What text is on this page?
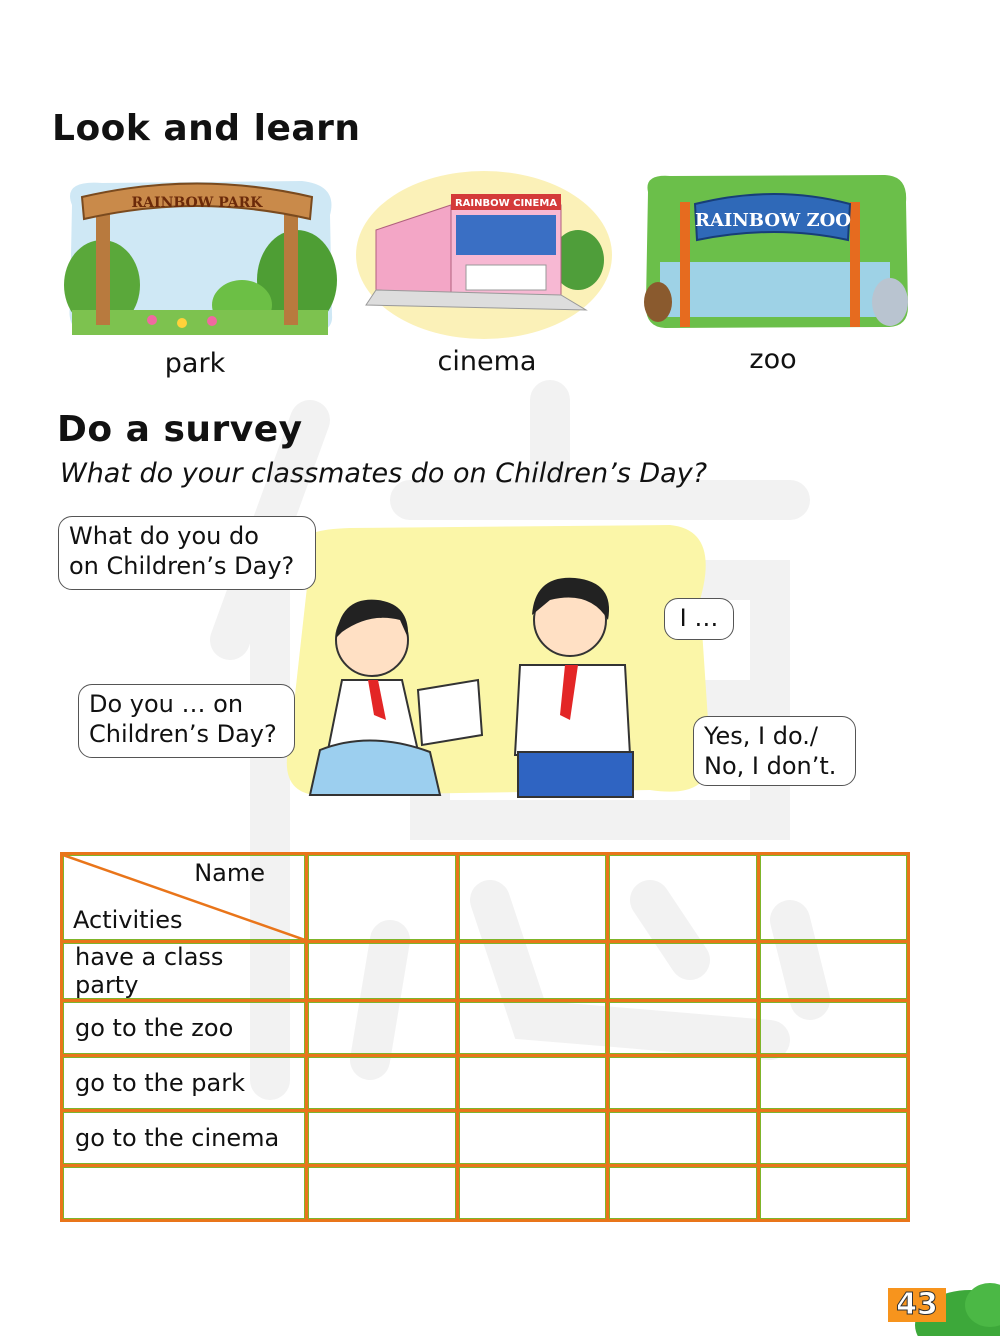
Look and learn
RAINBOW PARK	RAINBOW CINEMA
RAINBOW ZOO
park	cinema	zoo
Do a survey
What do your classmates do on Children’s Day?
What do you do
on Children’s Day?
Do you … on
Children’s Day?
I …
Yes, I do./
No, I don’t.
Name
Activities				

have a class party				
go to the zoo				
go to the park				
go to the cinema				

43
